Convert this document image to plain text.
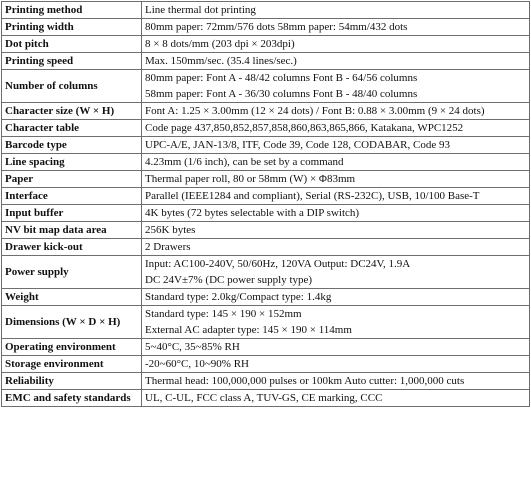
Printing method	Line thermal dot printing

Printing width	80mm paper: 72mm/576 dots 58mm paper: 54mm/432 dots

Dot pitch	8 × 8 dots/mm (203 dpi × 203dpi)

Printing speed	Max. 150mm/sec. (35.4 lines/sec.)

Number of columns	80mm paper: Font A - 48/42 columns Font B - 64/56 columns
58mm paper: Font A - 36/30 columns Font B - 48/40 columns

Character size (W × H)	Font A: 1.25 × 3.00mm (12 × 24 dots) / Font B: 0.88 × 3.00mm (9 × 24 dots)

Character table	Code page 437,850,852,857,858,860,863,865,866, Katakana, WPC1252

Barcode type	UPC-A/E, JAN-13/8, ITF, Code 39, Code 128, CODABAR, Code 93

Line spacing	4.23mm (1/6 inch), can be set by a command

Paper	Thermal paper roll, 80 or 58mm (W) × Φ83mm

Interface	Parallel (IEEE1284 and compliant), Serial (RS-232C), USB, 10/100 Base-T

Input buffer	4K bytes (72 bytes selectable with a DIP switch)

NV bit map data area	256K bytes

Drawer kick-out	2 Drawers

Power supply	Input: AC100-240V, 50/60Hz, 120VA Output: DC24V, 1.9A
DC 24V±7% (DC power supply type)

Weight	Standard type: 2.0kg/Compact type: 1.4kg

Dimensions (W × D × H)	Standard type: 145 × 190 × 152mm
External AC adapter type: 145 × 190 × 114mm

Operating environment	5~40°C, 35~85% RH

Storage environment	-20~60°C, 10~90% RH

Reliability	Thermal head: 100,000,000 pulses or 100km Auto cutter: 1,000,000 cuts

EMC and safety standards	UL, C-UL, FCC class A, TUV-GS, CE marking, CCC
